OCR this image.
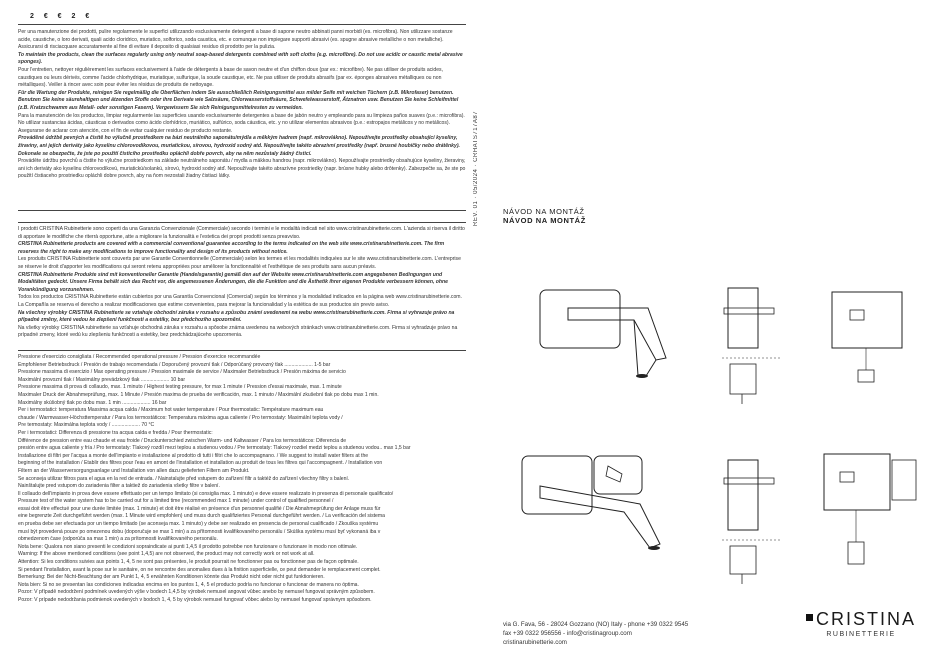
2 € € 2 €
Per una manutenzione dei prodotti, pulire regolarmente le superfici utilizzando esclusivamente detergenti a base di sapone neutro abbinati panni morbidi (es. microfibra). Non utilizzare sostanze acide, caustiche, o loro derivati, quali acido cloridrico, muriatico, solforico, soda caustica, etc. e comunque non impiegare supporti abrasivi (es. spugne abrasive metalliche o non metalliche). Assicurarsi di risciacquare accuratamente al fine di evitare il deposito di qualsiasi residuo di prodotto per la pulizia.
To maintain the products, clean the surfaces regularly using only neutral soap-based detergents combined with soft cloths (e.g. microfibre). Do not use acidic or caustic metal abrasive sponges).
Pour l'entretien, nettoyer régulièrement les surfaces exclusivement à l'aide de détergents à base de savon neutre et d'un chiffon doux (par ex.: microfibre). Ne pas utiliser de produits acides, caustiques ou leurs dérivés, comme l'acide chlorhydrique, muriatique, sulfurique, la soude caustique, etc. Ne pas utiliser de produits abrasifs (par ex. éponges abrasives métalliques ou non métalliques). Veiller à rincer avec soin pour éviter les résidus de produits de nettoyage.
Für die Wartung der Produkte, reinigen Sie regelmäßig die Oberflächen indem Sie ausschließlich Reinigungsmittel aus milder Seife mit weichen Tüchern (z.B. Mikrofaser) benutzen. Benutzen Sie keine säurehaltigen und ätzenden Stoffe oder ihre Derivate wie Salzsäure, Chlorwasserstoffsäure, Schwefelwasserstoff, Ätznatron usw. Benutzen Sie keine Schleifmittel (z.B. Kratzschwamm aus Metall- oder sonstigen Fasern). Vergewissern Sie sich Reinigungsmittelresten zu vermeiden.
Para la manutención de los productos, limpiar regularmente las superficies usando exclusivamente detergentes a base de jabón neutro y empleando para su limpieza paños suaves (p.e.: microfibra). No utilizar sustancias ácidas, cáusticas o derivados como ácido clorhídrico, muriático, sulfúrico, soda cáustica, etc. y no utilizar elementos abrasivos (p.e.: estropajos metálicos y no metálicos). Asegurarse de aclarar con atención, con el fin de evitar cualquier residuo de producto restante.
Prováděné údržbě pevných a čisttě ho výlučně prostředkem na bázi neutrálního saponátu/mýdla a měkkým hadrem (např. mikrovlákno). Nepoužívejte prostředky obsahující kyseliny, žíraviny, ani jejich deriváty jako kyselinu chlorovodíkovou, muriatickou, sírovou, hydroxid sodný atd. Nepoužívejte takéto abrazivní prostředky (např. brusné houbičky nebo drátěnky). Dokonale se obezpečte, že jste po použití čisticího prostředku opláchli dobře povrch, aby na něm nezůstaly žádný čisticí.
Prováděte údržbu povrchů a čistite ho výlučne prostriedkom na základe neutrálneho saponátu / mydla a mäkkou handrou (napr. mikrovlákno). Nepoužívajte prostriedky obsahujúce kyseliny, žieraviny, ani ich deriváty ako kyselinu chlorovodíkovú, muriatickú/solankú, sírovú, hydroxid sodný atď. Nepoužívajte takéto abrazívne prostriedky (napr. brúsne hubky alebo drôtenky). Zabezpečte sa, že ste po použití čistiaceho prostriedku opláchli dobre povrch, aby na ňom nezostali žiadny čistiaci látky.
I prodotti CRISTINA Rubinetterie sono coperti da una Garanzia Convenzionale (Commerciale) secondo i termini e le modalità indicati nel sito www.cristinarubinetterie.com. L'azienda si riserva il diritto di apportare le modifiche che riterrà opportune, atte a migliorare la funzionalità e l'estetica dei propri prodotti senza preavviso.
CRISTINA Rubinetterie products are covered with a commercial conventional guarantee according to the terms indicated on the web site www.cristinarubinetterie.com. The firm reserves the right to make any modifications to improve functionality and design of its products without notice.
Les produits CRISTINA Rubinetterie sont couverts par une Garantie Conventionnelle (Commerciale) selon les termes et les modalités indiquées sur le site www.cristinarubinetterie.com. L'entreprise se réserve le droit d'apporter les modifications qui seront retenu appropriées pour améliorer la fonctionnalité et l'esthétique de ses produits sans aucun préavis.
CRISTINA Rubinetterie Produkte sind mit konventioneller Garantie (Handelsgarantie) gemäß den auf der Website www.cristinarubinetterie.com angegebenen Bedingungen und Modalitäten gedeckt. Unsere Firma behält sich das Recht vor, die angemessenen Änderungen, die die Funktion und die Ästhetik ihrer eigenen Produkte verbessern können, ohne Vorankündigung vorzunehmen.
Todos los productos CRISTINA Rubinetterie están cubiertos por una Garantía Convencional (Comercial) según los términos y la modalidad indicados en la página web www.cristinarubinetterie.com. La Compañía se reserva el derecho a realizar modificaciones que estime convenientes, para mejorar la funcionalidad y la estética de sus productos sin previo aviso.
Na všechny výrobky CRISTINA Rubinetterie se vztahuje obchodní záruka v rozsahu a způsobu známí uvedenemi na webu www.cristinarubinetterie.com. Firma si vyhrazuje právo na případné změny, které vedou ke zlepšení funkčnosti a estetiky, bez předchozího upozornění.
Na všetky výrobky CRISTINA rubinetterie sa vzťahuje obchodná záruka v rozsahu a spôsobe známa uvedenou na webových stránkach www.cristinarubinetterie.com. Firma si vyhradzuje právo na prípadné zmeny, ktoré vedú ku zlepšeniu funkčnosti a estetiky, bez predchádzajúceho upozornenia.
Pressione d'esercizio consigliata / Recommended operational pressure / Pression d'exercice recommandée
Empfohlener Betriebsdruck / Presión de trabajo recomendada / Doporučený provozní tlak / Odporúčaný provozný tlak .................... 1-5 bar
Pressione massima di esercizio / Max operating pressure / Pression maximale de service / Maximaler Betriebsdruck / Presión máxima de servicio
Maximální provozní tlak / Maximálny prevádzkový tlak .................... 10 bar
Pressione massima di prova di collaudo, max. 1 minuto / Highest testing pressure, for max 1 minute / Pression d'essai maximale, max. 1 minute
Maximaler Druck der Abnahmeprüfung, max. 1 Minute / Presión maxima de prueba de verificación, max. 1 minuto / Maximální zkušební tlak po dobu max 1 min.
Maximálny skúšobný tlak po dobu max. 1 min .................... 16 bar
Per i termostatici: temperatura Massima acqua calda / Maximum hot water temperature / Pour thermostatic: Température maximum eau
chaude / Warmwasser-Höchsttemperatur / Para los termostáticos: Temperatura máxima agua caliente / Pro termostaty: Maximální teplota vody /
Pre termostaty: Maximálna teplota vody / .................... 70 °C
Per i termostatici: Differenza di pressione tra acqua calda e fredda / Pour thermostatic:
Différence de pression entre eau chaude et eau froide / Druckunterschied zwischen Warm- und Kaltwasser / Para los termostáticos: Diferencia de
presión entre agua caliente y fría / Pro termostaty: Tlakový rozdíl mezi teplou a studenou vodou / Pre termostaty: Tlakový rozdiel medzi teplou a studenou vodou.. max 1,5 bar
Installazione di filtri per l'acqua a monte dell'impianto e installazione al prodotto di tutti i filtri che lo accompagnano. / We suggest to install water filters at the
beginning of the installation / Établir des filtres pour l'eau en amont de l'installation et installation au produit de tous les filtres qui l'accompagnent. / Installation von
Filtern an der Wasserversorgungsanlage und Installation von allen dazu gelieferten Filtern am Produkt.
Se aconseja utilizar filtros para el agua en la red de entrada. / Nainstalujte před vstupem do zařízení filtr a taktéž do zařízení všechny filtry s balení.
Nainštalujte pred vstupom do zariadenia filter a taktiež do zariadenia všetky filtre v balení.
Il collaudo dell'impianto in prova deve essere effettuato per un tempo limitato (si consiglia max. 1 minuto) e deve essere realizzato in presenza di personale qualificato/
Pressure test of the water system has to be carried out for a limited time (recommended max 1 minute) under control of qualified personnel /
essai doit être effectué pour une durée limitée (max. 1 minute) et doit être réalisé en présence d'un personnel qualifié / Die Abnahmeprüfung der Anlage muss für
eine begrenzte Zeit durchgeführt werden (max. 1 Minute wird empfohlen) und muss durch qualifiziertes Personal durchgeführt werden. / La verificación del sistema
en prueba debe ser efectuada por un tiempo limitado (se aconseja max. 1 minuto) y debe ser realizado en presencia de personal cualificado / Zkouška systému
musí být provedená pouze po omezenou dobu (doporučuje se max 1 min) a za přítomnosti kvalifikovaného personálu / Skúška systému musí byť vykonaná iba v
obmedzenom čase (odporúča sa max 1 min) a za prítomnosti kvalifikovaného personálu.
Nota bene: Qualora non siano presenti le condizioni sopraindicate ai punti 1,4,5 il prodotto potrebbe non funzionare o funzionare in modo non ottimale.
Warning: If the above mentioned conditions (see point 1,4,5) are not observed, the product may not correctly work or not work at all.
Attention: Si les conditions suivies aux points 1, 4, 5 ne sont pas présentes, le produit pourrait ne fonctionner pas ou fonctionner pas de façon optimale.
Si pendant l'installation, avant la pose sur le sanitaire, on ne rencontre des anomalies dues à la finition superficielle, ce peut demander le remplacement complet.
Bemerkung: Bei der Nicht-Beachtung der am Punkt 1, 4, 5 erwähnten Konditionen könnte das Produkt nicht oder nicht gut funktionieren.
Nota bien: Si no se presentan las condiciones indicadas encima en los puntos 1, 4, 5 el producto podría no funcionar o funcionar de manera no óptima.
Pozor: V případě nedodržení podmínek uvedených výše v bodech 1,4,5 by výrobek nemusel angovat vůbec anebo by nemusel fungovat správným způsobem.
Pozor: V prípade nedodržania podmienok uvedených v bodoch 1, 4, 5 by výrobok nemusel fungovať vôbec alebo by nemusel fungovať správnym spôsobom.
REV. 01 · 05/2024 · CRHATS717A87	NÁVOD NA MONTÁŽ
NÁVOD NA MONTÁŽ
via G. Fava, 56 - 28024 Gozzano (NO) Italy - phone +39 0322 9545
fax +39 0322 956556 - info@cristinagroup.com
cristinarubinetterie.com
CRISTINA
RUBINETTERIE
